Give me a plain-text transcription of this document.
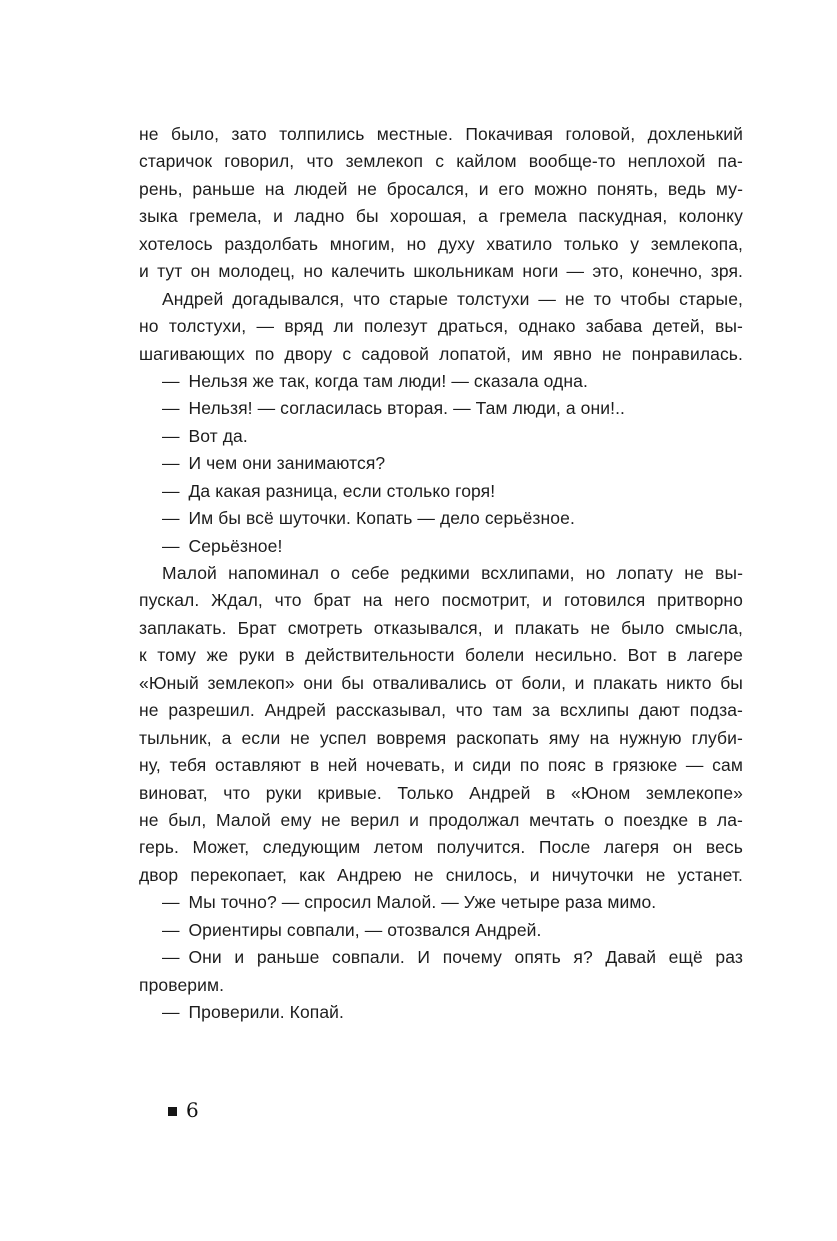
не было, зато толпились местные. Покачивая головой, дохленький
старичок говорил, что землекоп с кайлом вообще-то неплохой па-
рень, раньше на людей не бросался, и его можно понять, ведь му-
зыка гремела, и ладно бы хорошая, а гремела паскудная, колонку
хотелось раздолбать многим, но духу хватило только у землекопа,
и тут он молодец, но калечить школьникам ноги — это, конечно, зря.
Андрей догадывался, что старые толстухи — не то чтобы старые,
но толстухи, — вряд ли полезут драться, однако забава детей, вы-
шагивающих по двору с садовой лопатой, им явно не понравилась.
— Нельзя же так, когда там люди! — сказала одна.
— Нельзя! — согласилась вторая. — Там люди, а они!..
— Вот да.
— И чем они занимаются?
— Да какая разница, если столько горя!
— Им бы всё шуточки. Копать — дело серьёзное.
— Серьёзное!
Малой напоминал о себе редкими всхлипами, но лопату не вы-
пускал. Ждал, что брат на него посмотрит, и готовился притворно
заплакать. Брат смотреть отказывался, и плакать не было смысла,
к тому же руки в действительности болели несильно. Вот в лагере
«Юный землекоп» они бы отваливались от боли, и плакать никто бы
не разрешил. Андрей рассказывал, что там за всхлипы дают подза-
тыльник, а если не успел вовремя раскопать яму на нужную глуби-
ну, тебя оставляют в ней ночевать, и сиди по пояс в грязюке — сам
виноват, что руки кривые. Только Андрей в «Юном землекопе»
не был, Малой ему не верил и продолжал мечтать о поездке в ла-
герь. Может, следующим летом получится. После лагеря он весь
двор перекопает, как Андрею не снилось, и ничуточки не устанет.
— Мы точно? — спросил Малой. — Уже четыре раза мимо.
— Ориентиры совпали, — отозвался Андрей.
— Они и раньше совпали. И почему опять я? Давай ещё раз
проверим.
— Проверили. Копай.
6
